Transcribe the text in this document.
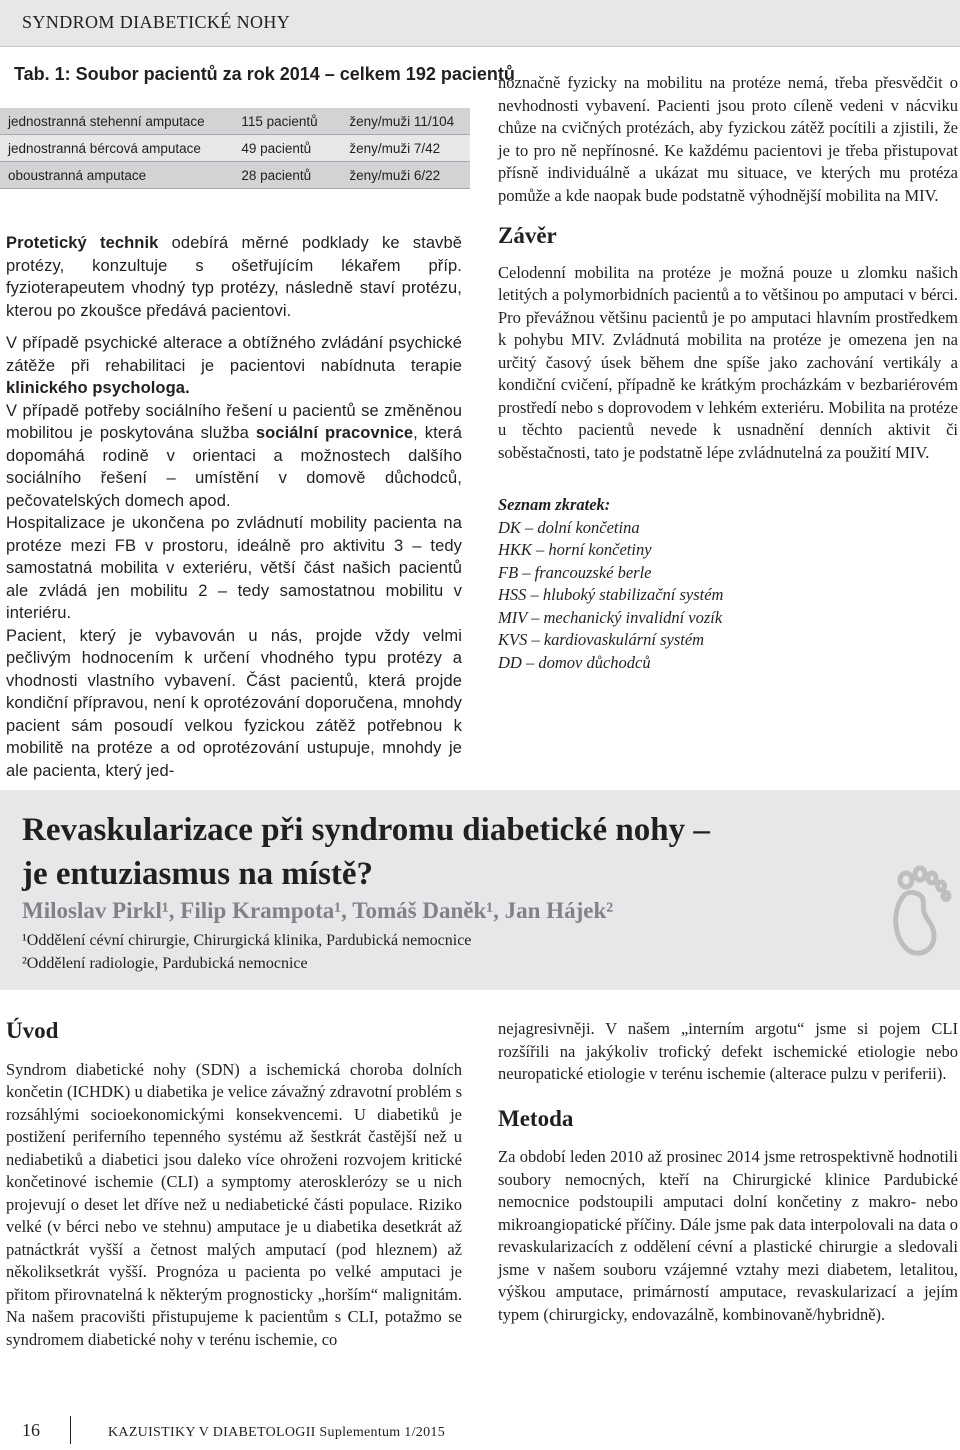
SYNDROM DIABETICKÉ NOHY
Tab. 1: Soubor pacientů za rok 2014 – celkem 192 pacientů
jednostranná stehenní amputace	115 pacientů	ženy/muži 11/104
jednostranná bércová amputace	49 pacientů	ženy/muži 7/42
oboustranná amputace	28 pacientů	ženy/muži 6/22

Protetický technik odebírá měrné podklady ke stavbě protézy, konzultuje s ošetřujícím lékařem příp. fyzioterapeutem vhodný typ protézy, následně staví protézu, kterou po zkoušce předává pacientovi.

V případě psychické alterace a obtížného zvládání psychické zátěže při rehabilitaci je pacientovi nabídnuta terapie klinického psychologa.

V případě potřeby sociálního řešení u pacientů se změněnou mobilitou je poskytována služba sociální pracovnice, která dopomáhá rodině v orientaci a možnostech dalšího sociálního řešení – umístění v domově důchodců, pečovatelských domech apod.

Hospitalizace je ukončena po zvládnutí mobility pacienta na protéze mezi FB v prostoru, ideálně pro aktivitu 3 – tedy samostatná mobilita v exteriéru, větší část našich pacientů ale zvládá jen mobilitu 2 – tedy samostatnou mobilitu v interiéru.

Pacient, který je vybavován u nás, projde vždy velmi pečlivým hodnocením k určení vhodného typu protézy a vhodnosti vlastního vybavení. Část pacientů, která projde kondiční přípravou, není k oprotézování doporučena, mnohdy pacient sám posoudí velkou fyzickou zátěž potřebnou k mobilitě na protéze a od oprotézování ustupuje, mnohdy je ale pacienta, který jed-

noznačně fyzicky na mobilitu na protéze nemá, třeba přesvědčit o nevhodnosti vybavení. Pacienti jsou proto cíleně vedeni v nácviku chůze na cvičných protézách, aby fyzickou zátěž pocítili a zjistili, že je to pro ně nepřínosné. Ke každému pacientovi je třeba přistupovat přísně individuálně a ukázat mu situace, ve kterých mu protéza pomůže a kde naopak bude podstatně výhodnější mobilita na MIV.

Závěr

Celodenní mobilita na protéze je možná pouze u zlomku našich letitých a polymorbidních pacientů a to většinou po amputaci v bérci. Pro převážnou většinu pacientů je po amputaci hlavním prostředkem k pohybu MIV. Zvládnutá mobilita na protéze je omezena jen na určitý časový úsek během dne spíše jako zachování vertikály a kondiční cvičení, případně ke krátkým procházkám v bezbariérovém prostředí nebo s doprovodem v lehkém exteriéru. Mobilita na protéze u těchto pacientů nevede k usnadnění denních aktivit či soběstačnosti, tato je podstatně lépe zvládnutelná za použití MIV.

Seznam zkratek:

DK – dolní končetina
HKK – horní končetiny
FB – francouzské berle
HSS – hluboký stabilizační systém
MIV – mechanický invalidní vozík
KVS – kardiovaskulární systém
DD – domov důchodců
Revaskularizace při syndromu diabetické nohy –
je entuziasmus na místě?
Miloslav Pirkl¹, Filip Krampota¹, Tomáš Daněk¹, Jan Hájek²
¹Oddělení cévní chirurgie, Chirurgická klinika, Pardubická nemocnice
²Oddělení radiologie, Pardubická nemocnice

Úvod

Syndrom diabetické nohy (SDN) a ischemická choroba dolních končetin (ICHDK) u diabetika je velice závažný zdravotní problém s rozsáhlými socioekonomickými konsekvencemi. U diabetiků je postižení periferního tepenného systému až šestkrát častější než u nediabetiků a diabetici jsou daleko více ohroženi rozvojem kritické končetinové ischemie (CLI) a symptomy aterosklerózy se u nich projevují o deset let dříve než u nediabetické části populace. Riziko velké (v bérci nebo ve stehnu) amputace je u diabetika desetkrát až patnáctkrát vyšší a četnost malých amputací (pod hleznem) až několiksetkrát vyšší. Prognóza u pacienta po velké amputaci je přitom přirovnatelná k některým prognosticky „horším“ malignitám. Na našem pracovišti přistupujeme k pacientům s CLI, potažmo se syndromem diabetické nohy v terénu ischemie, co

nejagresivněji. V našem „interním argotu“ jsme si pojem CLI rozšířili na jakýkoliv trofický defekt ischemické etiologie nebo neuropatické etiologie v terénu ischemie (alterace pulzu v periferii).

Metoda

Za období leden 2010 až prosinec 2014 jsme retrospektivně hodnotili soubory nemocných, kteří na Chirurgické klinice Pardubické nemocnice podstoupili amputaci dolní končetiny z makro- nebo mikroangiopatické příčiny. Dále jsme pak data interpolovali na data o revaskularizacích z oddělení cévní a plastické chirurgie a sledovali jsme v našem souboru vzájemné vztahy mezi diabetem, letalitou, výškou amputace, primárností amputace, revaskularizací a jejím typem (chirurgicky, endovazálně, kombinovaně/hybridně).

16	KAZUISTIKY V DIABETOLOGII Suplementum 1/2015
